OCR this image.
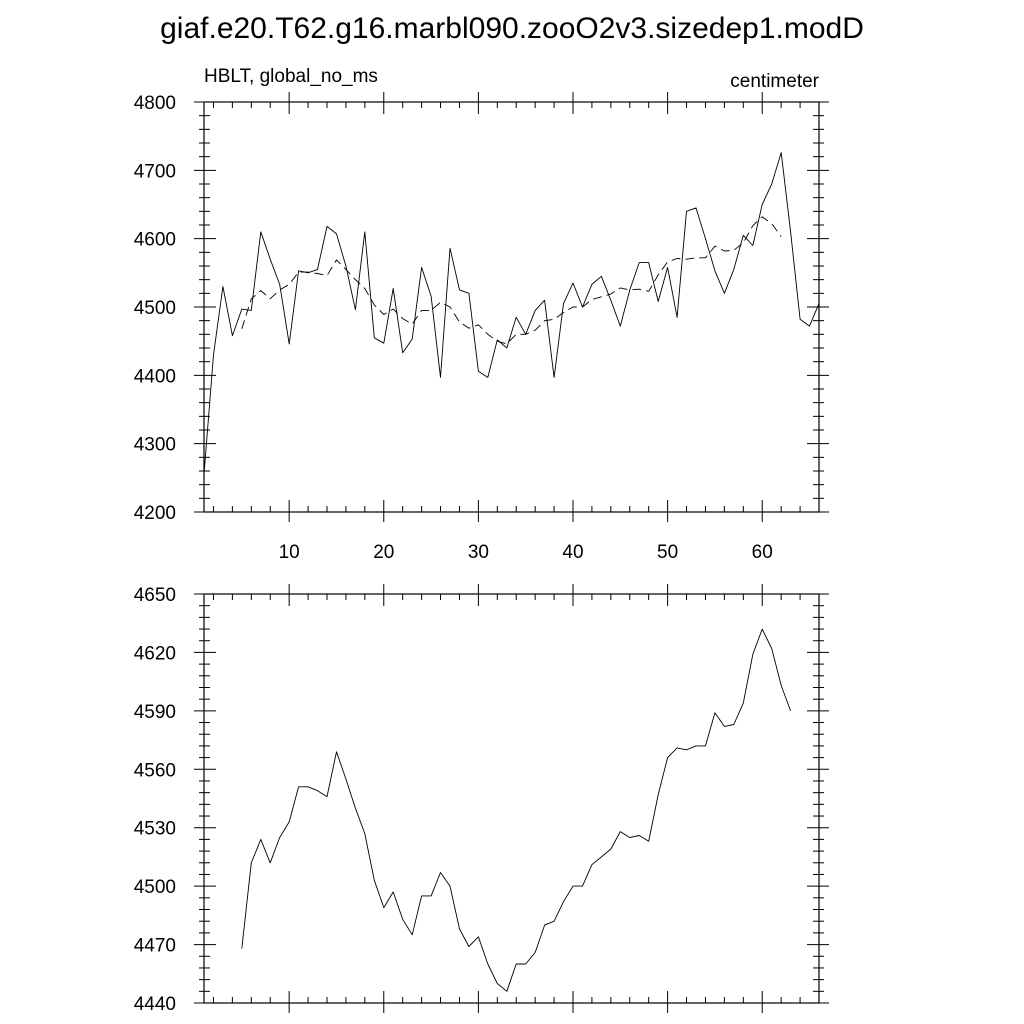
giaf.e20.T62.g16.marbl090.zooO2v3.sizedep1.modD
HBLT, global_no_ms	centimeter
10	20	30	40	50	60
4200
4300
4400
4500
4600
4700
4800
4440
4470
4500
4530
4560
4590
4620
4650
